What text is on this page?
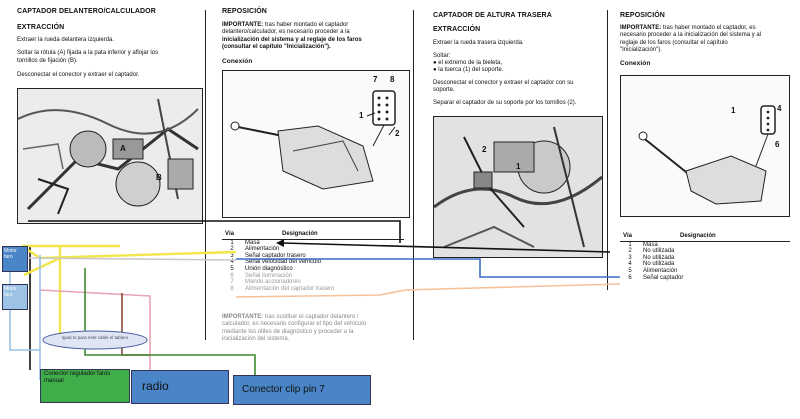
CAPTADOR DELANTERO/CALCULADOR
EXTRACCIÓN
Extraer la rueda delantera izquierda.
Soltar la rótula (A) fijada a la pata inferior y aflojar los
tornillos de fijación (B).
Desconectar el conector y extraer el captador.
A
B
REPOSICIÓN
IMPORTANTE: tras haber montado el captador
delantero/calculador, es necesario proceder a la
inicialización del sistema y al reglaje de los faros
(consultar el capítulo "Inicialización").
Conexión
7 8
1
2
Vía	Designación
1	Masa
2	Alimentación
3	Señal captador trasero
4	Señal velocidad del vehículo
5	Unión diagnóstico
6	Señal iluminación
7	Mando accionadores
8	Alimentación del captador trasero
IMPORTANTE: tras sustituir el captador delantero /
calculador, es necesario configurar el tipo del vehículo
mediante los útiles de diagnóstico y proceder a la
inicialización del sistema.
CAPTADOR DE ALTURA TRASERA
EXTRACCIÓN
Extraer la rueda trasera izquierda.
Soltar:
● el extremo de la bieleta,
● la tuerca (1) del soporte.
Desconectar el conector y extraer el captador con su
soporte.
Separar el captador de su soporte por los tornillos (2).
2
1
REPOSICIÓN
IMPORTANTE: tras haber montado el captador, es
necesario proceder a la inicialización del sistema y al
reglaje de los faros (consultar el capítulo
"Inicialización").
Conexión
4
1
6
Vía	Designación
1	Masa
2	No utilizada
3	No utilizada
4	No utilizada
5	Alimentación
6	Señal captador
Motor faro
Motor faro
Igual to para este cable el tablero
Conector regulador faros manual	radio	Conector clip pin 7
